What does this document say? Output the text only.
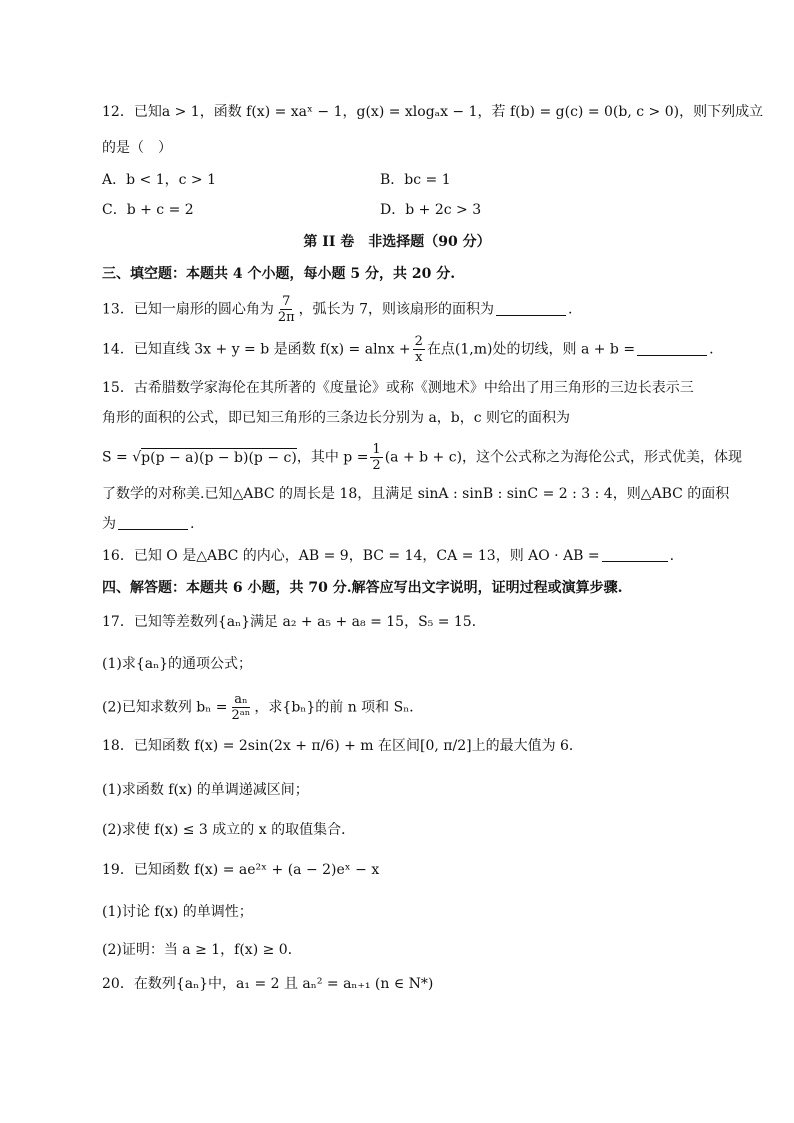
12．已知a > 1，函数 f(x) = xaˣ − 1，g(x) = xlogₐx − 1，若 f(b) = g(c) = 0(b, c > 0)，则下列成立
的是（　）
A．b < 1，c > 1	B．bc = 1
C．b + c = 2	D．b + 2c > 3
第 II 卷　非选择题（90 分）
三、填空题：本题共 4 个小题，每小题 5 分，共 20 分.
13．已知一扇形的圆心角为 $\frac{7}{2\pi}$ ，弧长为 7，则该扇形的面积为	.
14．已知直线 3x + y = b 是函数 $f(x) = alnx + \frac{2}{x}$ 在点(1,m)处的切线，则 a + b =	.
15．古希腊数学家海伦在其所著的《度量论》或称《测地术》中给出了用三角形的三边长表示三
角形的面积的公式，即已知三角形的三条边长分别为 a，b，c 则它的面积为
S = √p(p − a)(p − b)(p − c)，其中 $p = \frac{1}{2} (a + b + c)$，这个公式称之为海伦公式，形式优美，体现
了数学的对称美.已知△ABC 的周长是 18，且满足 sinA : sinB : sinC = 2 : 3 : 4，则△ABC 的面积
为	.
16．已知 O 是△ABC 的内心，AB = 9，BC = 14，CA = 13，则 AO · AB =	.
四、解答题：本题共 6 小题，共 70 分.解答应写出文字说明，证明过程或演算步骤.
17．已知等差数列{aₙ}满足 a₂ + a₅ + a₈ = 15，S₅ = 15．
(1)求{aₙ}的通项公式；
(2)已知求数列 $b_n = \frac{\text{aₙ}}{\text{2ᵃⁿ}}$ ，求{bₙ}的前 n 项和 Sₙ．
18．已知函数 f(x) = 2sin(2x + π/6) + m 在区间[0, π/2]上的最大值为 6．
(1)求函数 f(x) 的单调递减区间；
(2)求使 f(x) ≤ 3 成立的 x 的取值集合．
19．已知函数 f(x) = ae²ˣ + (a − 2)eˣ − x
(1)讨论 f(x) 的单调性；
(2)证明：当 a ≥ 1，f(x) ≥ 0．
20．在数列{aₙ}中，a₁ = 2 且 aₙ² = aₙ₊₁ (n ∈ N*)
